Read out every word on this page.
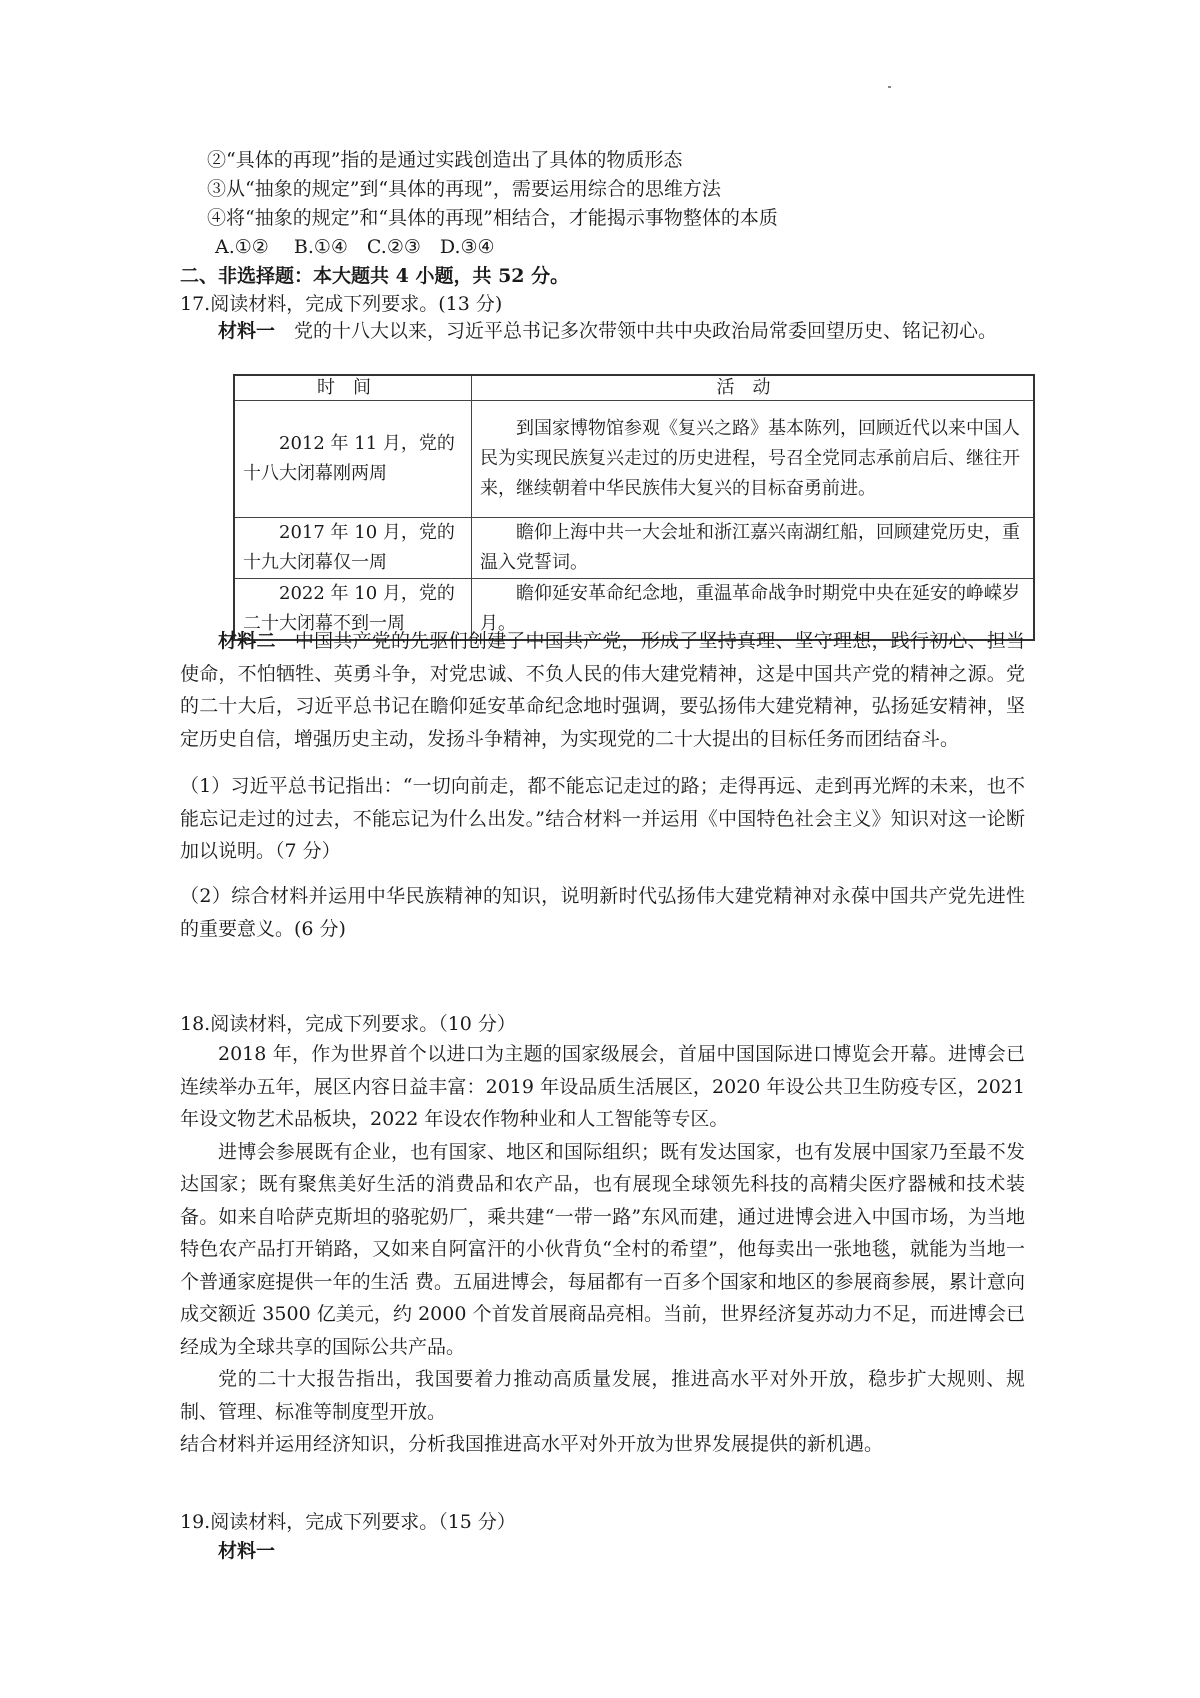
②“具体的再现”指的是通过实践创造出了具体的物质形态
③从“抽象的规定”到“具体的再现”，需要运用综合的思维方法
④将“抽象的规定”和“具体的再现”相结合，才能揭示事物整体的本质
A.①②　 B.①④　C.②③　D.③④
二、非选择题：本大题共 4 小题，共 52 分。
17.阅读材料，完成下列要求。(13 分)

材料一　党的十八大以来，习近平总书记多次带领中共中央政治局常委回望历史、铭记初心。

时间	活动
2012 年 11 月，党的十八大闭幕刚两周	到国家博物馆参观《复兴之路》基本陈列，回顾近代以来中国人民为实现民族复兴走过的历史进程，号召全党同志承前启后、继往开来，继续朝着中华民族伟大复兴的目标奋勇前进。
2017 年 10 月，党的十九大闭幕仅一周	瞻仰上海中共一大会址和浙江嘉兴南湖红船，回顾建党历史，重温入党誓词。
2022 年 10 月，党的二十大闭幕不到一周	瞻仰延安革命纪念地，重温革命战争时期党中央在延安的峥嵘岁月。

材料二　中国共产党的先驱们创建了中国共产党，形成了坚持真理、坚守理想，践行初心、担当使命，不怕牺牲、英勇斗争，对党忠诚、不负人民的伟大建党精神，这是中国共产党的精神之源。党的二十大后，习近平总书记在瞻仰延安革命纪念地时强调，要弘扬伟大建党精神，弘扬延安精神，坚定历史自信，增强历史主动，发扬斗争精神，为实现党的二十大提出的目标任务而团结奋斗。

（1）习近平总书记指出：“一切向前走，都不能忘记走过的路；走得再远、走到再光辉的未来，也不能忘记走过的过去，不能忘记为什么出发。”结合材料一并运用《中国特色社会主义》知识对这一论断加以说明。（7 分）

（2）综合材料并运用中华民族精神的知识，说明新时代弘扬伟大建党精神对永葆中国共产党先进性的重要意义。(6 分)

18.阅读材料，完成下列要求。（10 分）

2018 年，作为世界首个以进口为主题的国家级展会，首届中国国际进口博览会开幕。进博会已连续举办五年，展区内容日益丰富：2019 年设品质生活展区，2020 年设公共卫生防疫专区，2021 年设文物艺术品板块，2022 年设农作物种业和人工智能等专区。

进博会参展既有企业，也有国家、地区和国际组织；既有发达国家，也有发展中国家乃至最不发达国家；既有聚焦美好生活的消费品和农产品，也有展现全球领先科技的高精尖医疗器械和技术装备。如来自哈萨克斯坦的骆驼奶厂，乘共建“一带一路”东风而建，通过进博会进入中国市场，为当地特色农产品打开销路，又如来自阿富汗的小伙背负“全村的希望”，他每卖出一张地毯，就能为当地一个普通家庭提供一年的生活 费。五届进博会，每届都有一百多个国家和地区的参展商参展，累计意向成交额近 3500 亿美元，约 2000 个首发首展商品亮相。当前，世界经济复苏动力不足，而进博会已经成为全球共享的国际公共产品。

党的二十大报告指出，我国要着力推动高质量发展，推进高水平对外开放，稳步扩大规则、规制、管理、标准等制度型开放。

结合材料并运用经济知识，分析我国推进高水平对外开放为世界发展提供的新机遇。

19.阅读材料，完成下列要求。（15 分）
材料一
